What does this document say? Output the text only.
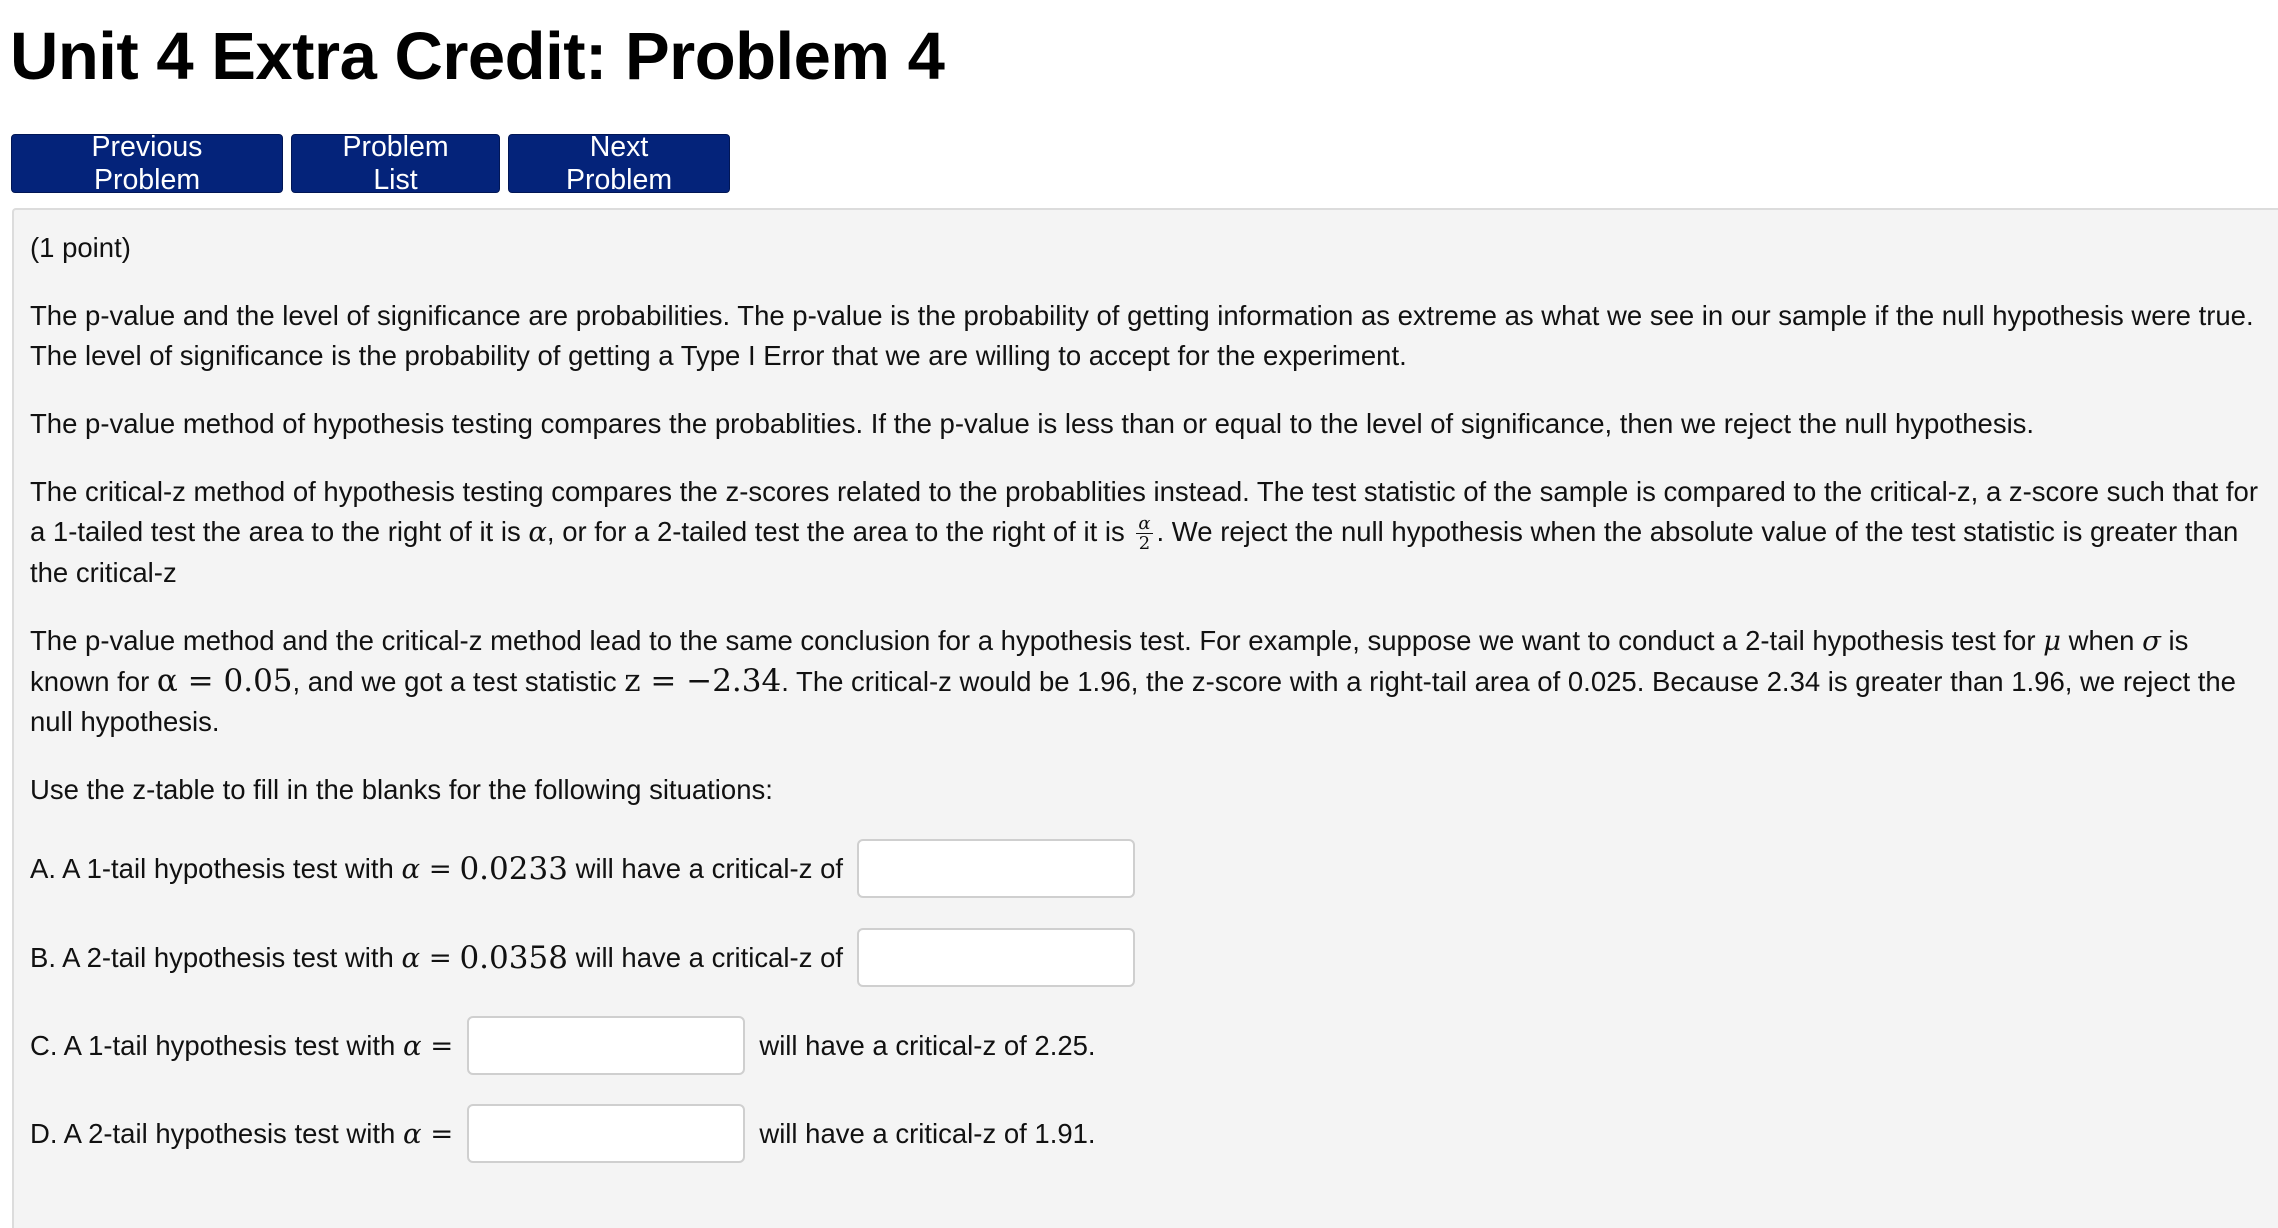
Unit 4 Extra Credit: Problem 4
Previous Problem
Problem List
Next Problem

(1 point)

The p-value and the level of significance are probabilities. The p-value is the probability of getting information as extreme as what we see in our sample if the null hypothesis were true. The level of significance is the probability of getting a Type I Error that we are willing to accept for the experiment.

The p-value method of hypothesis testing compares the probablities. If the p-value is less than or equal to the level of significance, then we reject the null hypothesis.

The critical-z method of hypothesis testing compares the z-scores related to the probablities instead. The test statistic of the sample is compared to the critical-z, a z-score such that for a 1-tailed test the area to the right of it is α, or for a 2-tailed test the area to the right of it is $\frac{\alpha}{2}$ . We reject the null hypothesis when the absolute value of the test statistic is greater than the critical-z

The p-value method and the critical-z method lead to the same conclusion for a hypothesis test. For example, suppose we want to conduct a 2-tail hypothesis test for μ when σ is known for α = 0.05, and we got a test statistic z = −2.34. The critical-z would be 1.96, the z-score with a right-tail area of 0.025. Because 2.34 is greater than 1.96, we reject the null hypothesis.

Use the z-table to fill in the blanks for the following situations:

A. A 1-tail hypothesis test with
α =
0.0233
will have a critical-z of
B. A 2-tail hypothesis test with
α =
0.0358
will have a critical-z of
C. A 1-tail hypothesis test with
α =	will have a critical-z of 2.25.
D. A 2-tail hypothesis test with
α =	will have a critical-z of 1.91.
